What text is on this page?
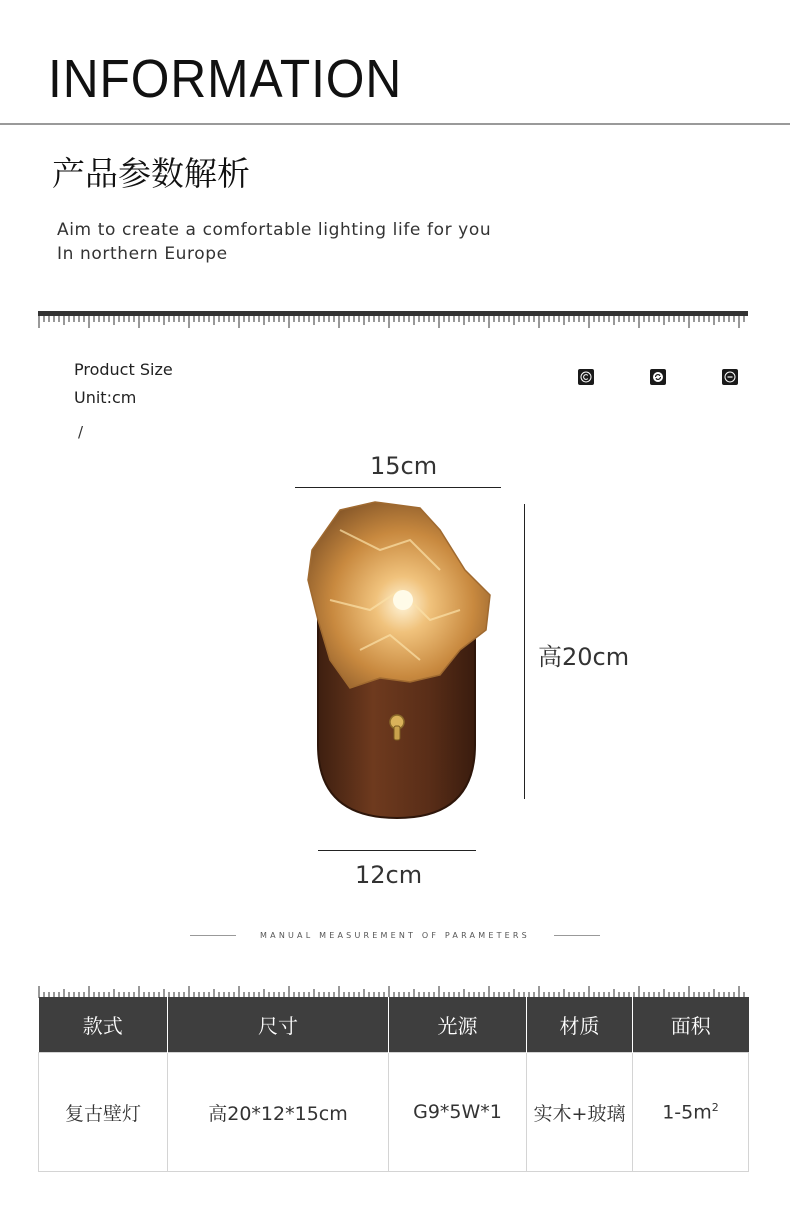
INFORMATION
产品参数解析
Aim to create a comfortable lighting life for you
In northern Europe
Product Size
Unit:cm
/
15cm
高20cm
12cm
MANUAL MEASUREMENT OF PARAMETERS
款式	尺寸	光源	材质	面积
复古壁灯	高20*12*15cm	G9*5W*1	实木+玻璃	$1-5m^2$
